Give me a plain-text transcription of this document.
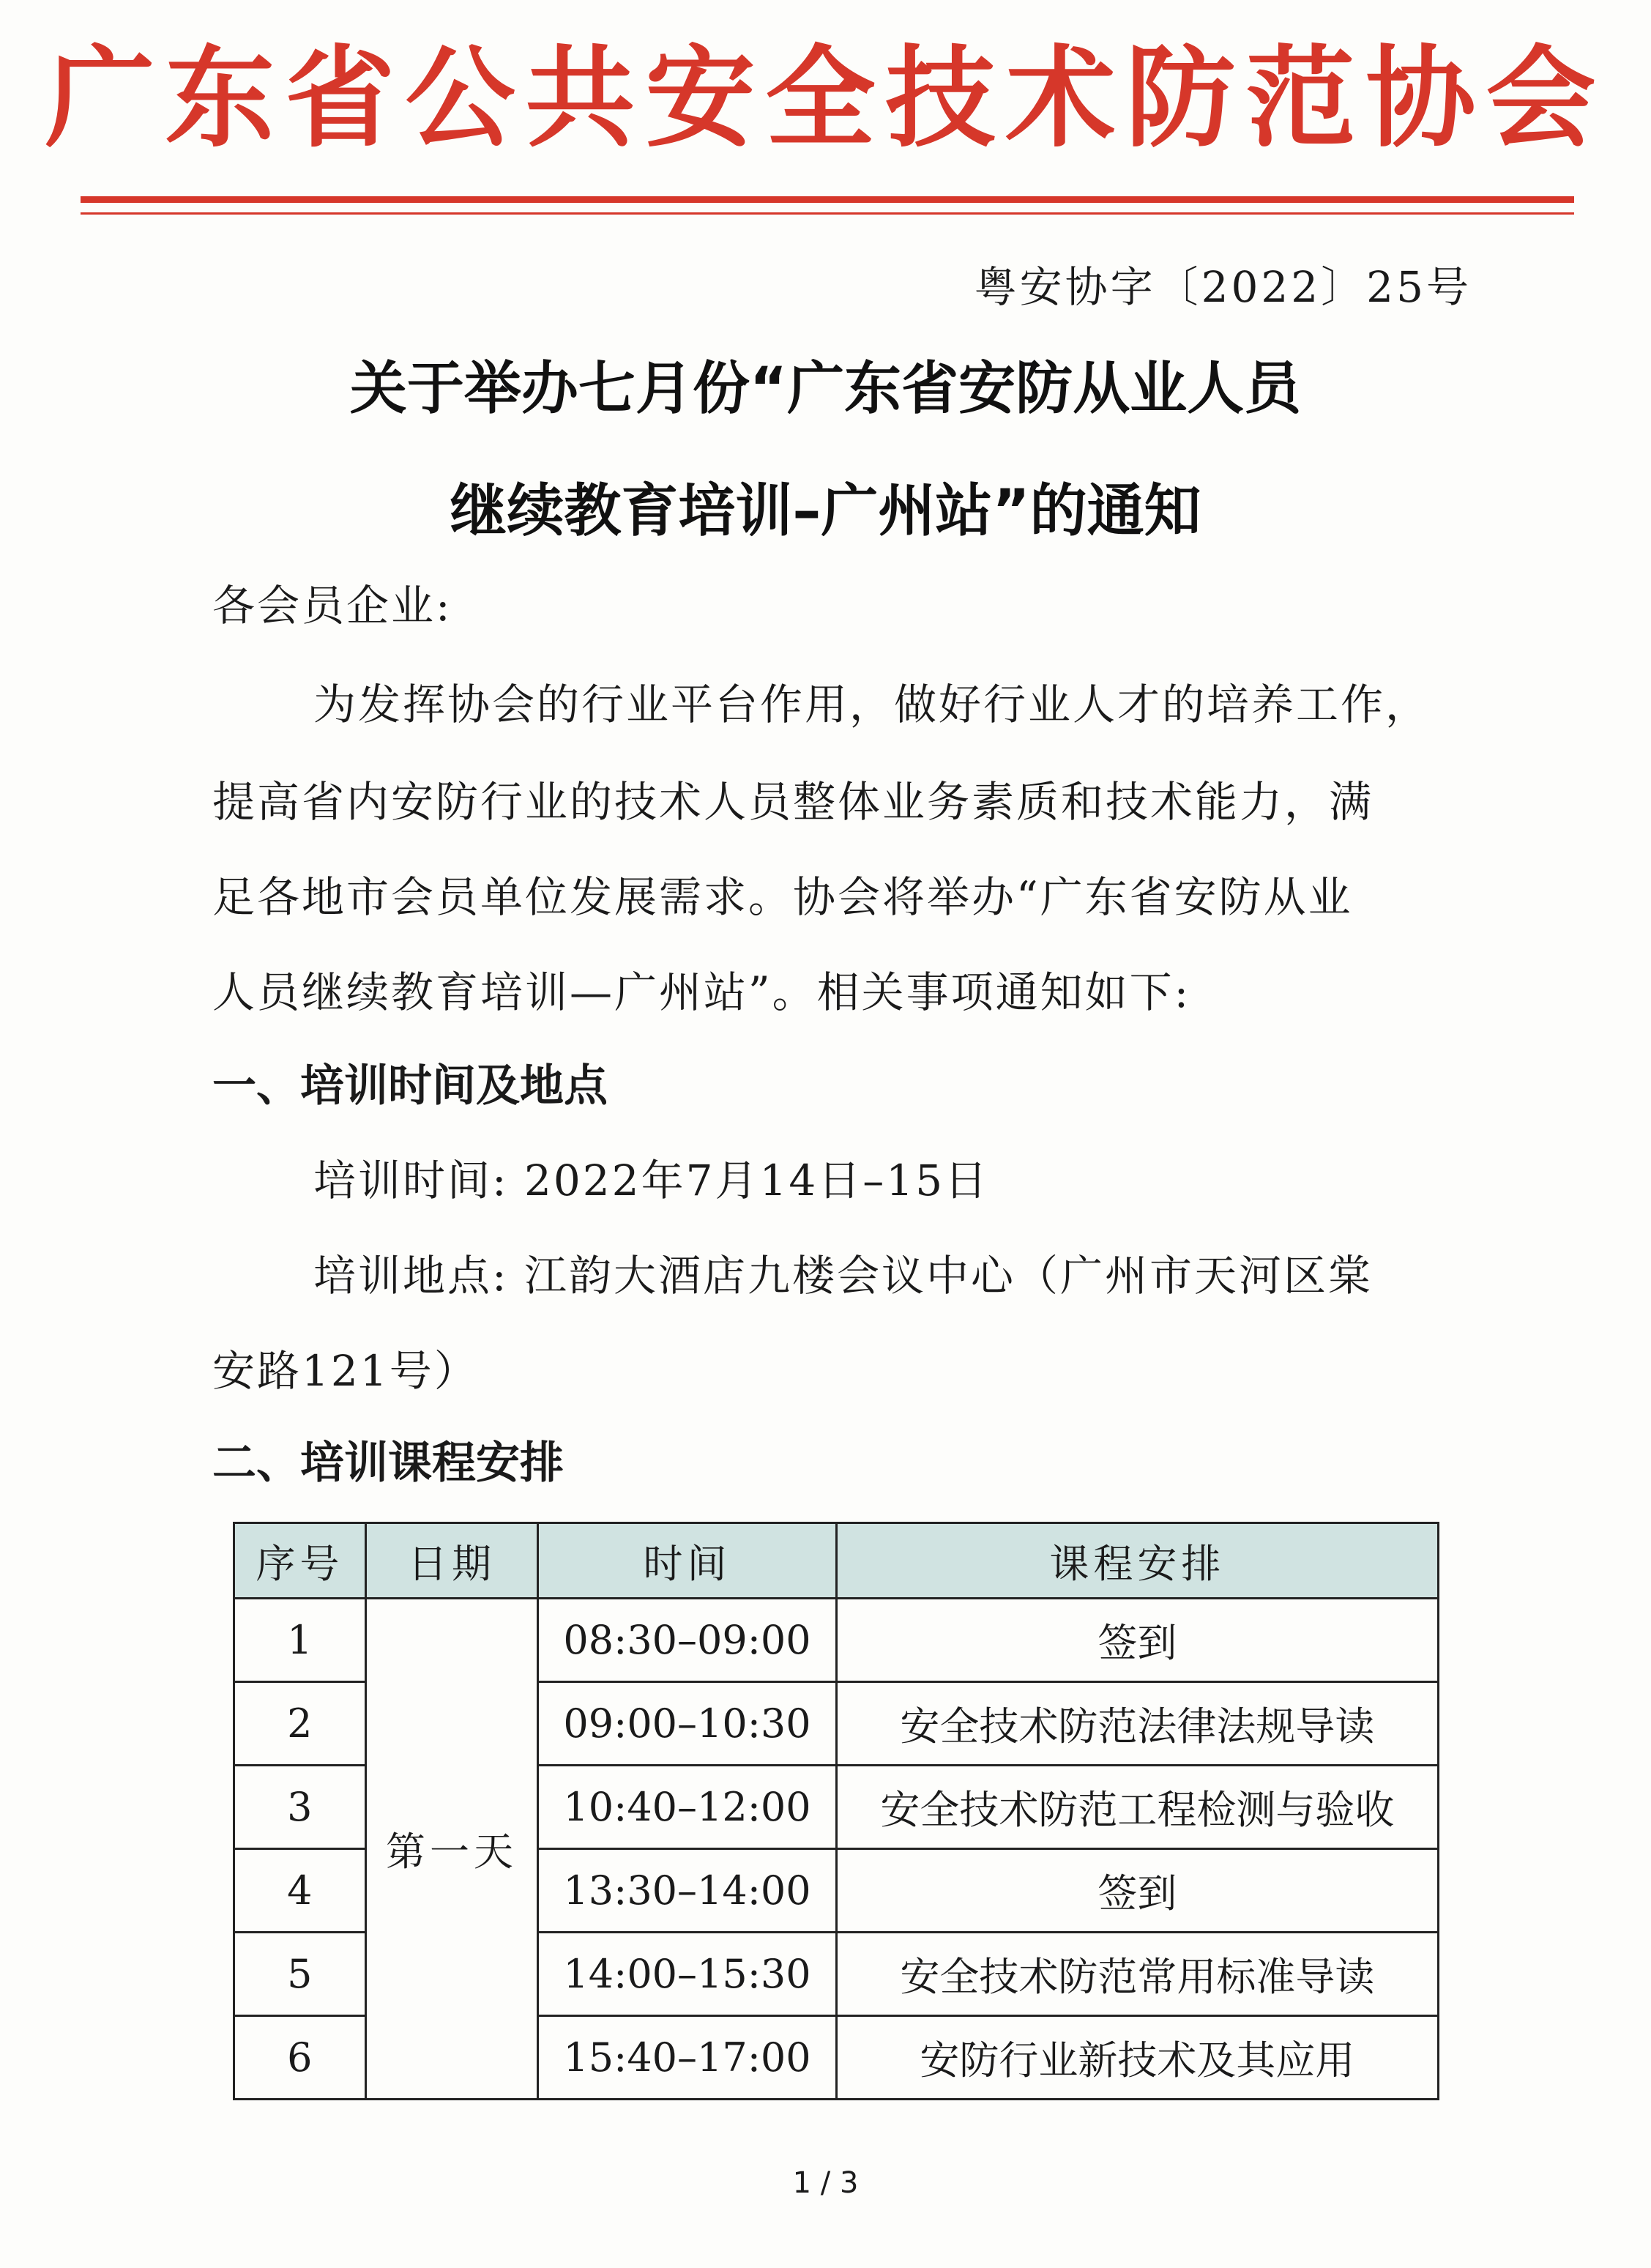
广东省公共安全技术防范协会
粤安协字〔2022〕25号
关于举办七月份“广东省安防从业人员
继续教育培训–广州站”的通知
各会员企业:
为发挥协会的行业平台作用，做好行业人才的培养工作，
提高省内安防行业的技术人员整体业务素质和技术能力，满
足各地市会员单位发展需求。协会将举办“广东省安防从业
人员继续教育培训—广州站”。相关事项通知如下:
一、培训时间及地点
培训时间: 2022年7月14日–15日
培训地点: 江韵大酒店九楼会议中心（广州市天河区棠
安路121号）
二、培训课程安排
序号	日期	时间	课程安排
1	第一天	08:30–09:00	签到
2		09:00–10:30	安全技术防范法律法规导读
3		10:40–12:00	安全技术防范工程检测与验收
4		13:30–14:00	签到
5		14:00–15:30	安全技术防范常用标准导读
6		15:40–17:00	安防行业新技术及其应用
1 / 3
